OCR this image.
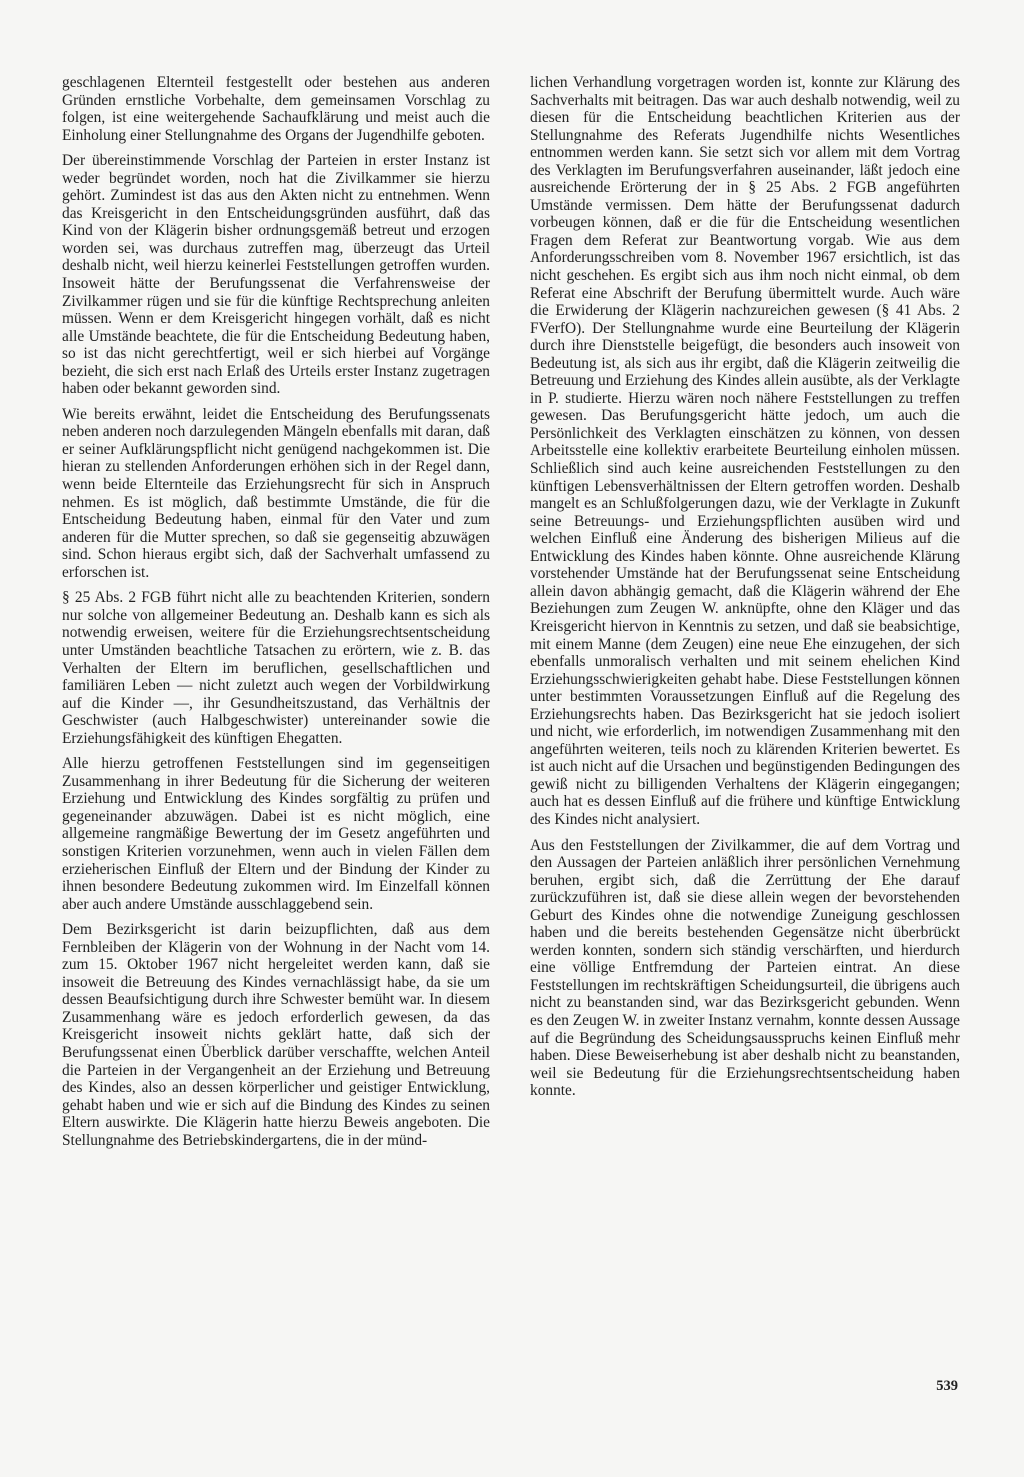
geschlagenen Elternteil festgestellt oder bestehen aus anderen Gründen ernstliche Vorbehalte, dem gemeinsamen Vorschlag zu folgen, ist eine weitergehende Sachaufklärung und meist auch die Einholung einer Stellungnahme des Organs der Jugendhilfe geboten.

Der übereinstimmende Vorschlag der Parteien in erster Instanz ist weder begründet worden, noch hat die Zivilkammer sie hierzu gehört. Zumindest ist das aus den Akten nicht zu entnehmen. Wenn das Kreisgericht in den Entscheidungsgründen ausführt, daß das Kind von der Klägerin bisher ordnungsgemäß betreut und erzogen worden sei, was durchaus zutreffen mag, überzeugt das Urteil deshalb nicht, weil hierzu keinerlei Feststellungen getroffen wurden. Insoweit hätte der Berufungssenat die Verfahrensweise der Zivilkammer rügen und sie für die künftige Rechtsprechung anleiten müssen. Wenn er dem Kreisgericht hingegen vorhält, daß es nicht alle Umstände beachtete, die für die Entscheidung Bedeutung haben, so ist das nicht gerechtfertigt, weil er sich hierbei auf Vorgänge bezieht, die sich erst nach Erlaß des Urteils erster Instanz zugetragen haben oder bekannt geworden sind.

Wie bereits erwähnt, leidet die Entscheidung des Berufungssenats neben anderen noch darzulegenden Mängeln ebenfalls mit daran, daß er seiner Aufklärungspflicht nicht genügend nachgekommen ist. Die hieran zu stellenden Anforderungen erhöhen sich in der Regel dann, wenn beide Elternteile das Erziehungsrecht für sich in Anspruch nehmen. Es ist möglich, daß bestimmte Umstände, die für die Entscheidung Bedeutung haben, einmal für den Vater und zum anderen für die Mutter sprechen, so daß sie gegenseitig abzuwägen sind. Schon hieraus ergibt sich, daß der Sachverhalt umfassend zu erforschen ist.

§ 25 Abs. 2 FGB führt nicht alle zu beachtenden Kriterien, sondern nur solche von allgemeiner Bedeutung an. Deshalb kann es sich als notwendig erweisen, weitere für die Erziehungsrechtsentscheidung unter Umständen beachtliche Tatsachen zu erörtern, wie z. B. das Verhalten der Eltern im beruflichen, gesellschaftlichen und familiären Leben — nicht zuletzt auch wegen der Vorbildwirkung auf die Kinder —, ihr Gesundheitszustand, das Verhältnis der Geschwister (auch Halbgeschwister) untereinander sowie die Erziehungsfähigkeit des künftigen Ehegatten.

Alle hierzu getroffenen Feststellungen sind im gegenseitigen Zusammenhang in ihrer Bedeutung für die Sicherung der weiteren Erziehung und Entwicklung des Kindes sorgfältig zu prüfen und gegeneinander abzuwägen. Dabei ist es nicht möglich, eine allgemeine rangmäßige Bewertung der im Gesetz angeführten und sonstigen Kriterien vorzunehmen, wenn auch in vielen Fällen dem erzieherischen Einfluß der Eltern und der Bindung der Kinder zu ihnen besondere Bedeutung zukommen wird. Im Einzelfall können aber auch andere Umstände ausschlaggebend sein.

Dem Bezirksgericht ist darin beizupflichten, daß aus dem Fernbleiben der Klägerin von der Wohnung in der Nacht vom 14. zum 15. Oktober 1967 nicht hergeleitet werden kann, daß sie insoweit die Betreuung des Kindes vernachlässigt habe, da sie um dessen Beaufsichtigung durch ihre Schwester bemüht war. In diesem Zusammenhang wäre es jedoch erforderlich gewesen, da das Kreisgericht insoweit nichts geklärt hatte, daß sich der Berufungssenat einen Überblick darüber verschaffte, welchen Anteil die Parteien in der Vergangenheit an der Erziehung und Betreuung des Kindes, also an dessen körperlicher und geistiger Entwicklung, gehabt haben und wie er sich auf die Bindung des Kindes zu seinen Eltern auswirkte. Die Klägerin hatte hierzu Beweis angeboten. Die Stellungnahme des Betriebskindergartens, die in der münd-

lichen Verhandlung vorgetragen worden ist, konnte zur Klärung des Sachverhalts mit beitragen. Das war auch deshalb notwendig, weil zu diesen für die Entscheidung beachtlichen Kriterien aus der Stellungnahme des Referats Jugendhilfe nichts Wesentliches entnommen werden kann. Sie setzt sich vor allem mit dem Vortrag des Verklagten im Berufungsverfahren auseinander, läßt jedoch eine ausreichende Erörterung der in § 25 Abs. 2 FGB angeführten Umstände vermissen. Dem hätte der Berufungssenat dadurch vorbeugen können, daß er die für die Entscheidung wesentlichen Fragen dem Referat zur Beantwortung vorgab. Wie aus dem Anforderungsschreiben vom 8. November 1967 ersichtlich, ist das nicht geschehen. Es ergibt sich aus ihm noch nicht einmal, ob dem Referat eine Abschrift der Berufung übermittelt wurde. Auch wäre die Erwiderung der Klägerin nachzureichen gewesen (§ 41 Abs. 2 FVerfO). Der Stellungnahme wurde eine Beurteilung der Klägerin durch ihre Dienststelle beigefügt, die besonders auch insoweit von Bedeutung ist, als sich aus ihr ergibt, daß die Klägerin zeitweilig die Betreuung und Erziehung des Kindes allein ausübte, als der Verklagte in P. studierte. Hierzu wären noch nähere Feststellungen zu treffen gewesen. Das Berufungsgericht hätte jedoch, um auch die Persönlichkeit des Verklagten einschätzen zu können, von dessen Arbeitsstelle eine kollektiv erarbeitete Beurteilung einholen müssen. Schließlich sind auch keine ausreichenden Feststellungen zu den künftigen Lebensverhältnissen der Eltern getroffen worden. Deshalb mangelt es an Schlußfolgerungen dazu, wie der Verklagte in Zukunft seine Betreuungs- und Erziehungspflichten ausüben wird und welchen Einfluß eine Änderung des bisherigen Milieus auf die Entwicklung des Kindes haben könnte. Ohne ausreichende Klärung vorstehender Umstände hat der Berufungssenat seine Entscheidung allein davon abhängig gemacht, daß die Klägerin während der Ehe Beziehungen zum Zeugen W. anknüpfte, ohne den Kläger und das Kreisgericht hiervon in Kenntnis zu setzen, und daß sie beabsichtige, mit einem Manne (dem Zeugen) eine neue Ehe einzugehen, der sich ebenfalls unmoralisch verhalten und mit seinem ehelichen Kind Erziehungsschwierigkeiten gehabt habe. Diese Feststellungen können unter bestimmten Voraussetzungen Einfluß auf die Regelung des Erziehungsrechts haben. Das Bezirksgericht hat sie jedoch isoliert und nicht, wie erforderlich, im notwendigen Zusammenhang mit den angeführten weiteren, teils noch zu klärenden Kriterien bewertet. Es ist auch nicht auf die Ursachen und begünstigenden Bedingungen des gewiß nicht zu billigenden Verhaltens der Klägerin eingegangen; auch hat es dessen Einfluß auf die frühere und künftige Entwicklung des Kindes nicht analysiert.

Aus den Feststellungen der Zivilkammer, die auf dem Vortrag und den Aussagen der Parteien anläßlich ihrer persönlichen Vernehmung beruhen, ergibt sich, daß die Zerrüttung der Ehe darauf zurückzuführen ist, daß sie diese allein wegen der bevorstehenden Geburt des Kindes ohne die notwendige Zuneigung geschlossen haben und die bereits bestehenden Gegensätze nicht überbrückt werden konnten, sondern sich ständig verschärften, und hierdurch eine völlige Entfremdung der Parteien eintrat. An diese Feststellungen im rechtskräftigen Scheidungsurteil, die übrigens auch nicht zu beanstanden sind, war das Bezirksgericht gebunden. Wenn es den Zeugen W. in zweiter Instanz vernahm, konnte dessen Aussage auf die Begründung des Scheidungsausspruchs keinen Einfluß mehr haben. Diese Beweiserhebung ist aber deshalb nicht zu beanstanden, weil sie Bedeutung für die Erziehungsrechtsentscheidung haben konnte.

539
